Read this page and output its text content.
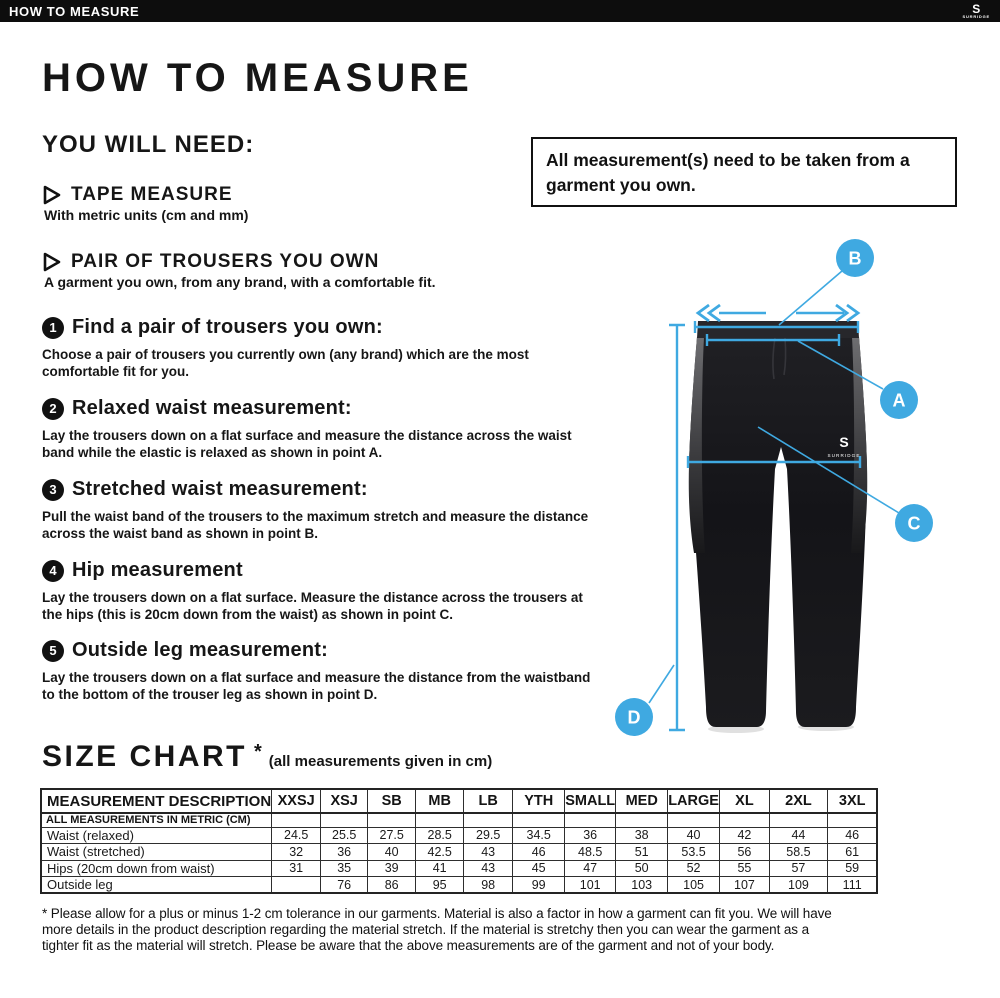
HOW TO MEASURE	S
SURRIDGE
HOW TO MEASURE
YOU WILL NEED:
TAPE MEASURE
With metric units (cm and mm)
PAIR OF TROUSERS YOU OWN
A garment you own, from any brand, with a comfortable fit.
All measurement(s) need to be taken from a garment you own.
1 Find a pair of trousers you own:
Choose a pair of trousers you currently own (any brand) which are the most comfortable fit for you.
2 Relaxed waist measurement:
Lay the trousers down on a flat surface and measure the distance across the waist band while the elastic is relaxed as shown in point A.
3 Stretched waist measurement:
Pull the waist band of the trousers to the maximum stretch and measure the distance across the waist band as shown in point B.
4 Hip measurement
Lay the trousers down on a flat surface. Measure the distance across the trousers at the hips (this is 20cm down from the waist) as shown in point C.
5 Outside leg measurement:
Lay the trousers down on a flat surface and measure the distance from the waistband to the bottom of the trouser leg as shown in point D.
S
SURRIDGE
B
A
C
D
SIZE CHART * (all measurements given in cm)
MEASUREMENT DESCRIPTION	XXSJ	XSJ	SB	MB	LB	YTH	SMALL	MED	LARGE	XL	2XL	3XL
ALL MEASUREMENTS IN METRIC (CM)												
Waist (relaxed)	24.5	25.5	27.5	28.5	29.5	34.5	36	38	40	42	44	46
Waist (stretched)	32	36	40	42.5	43	46	48.5	51	53.5	56	58.5	61
Hips (20cm down from waist)	31	35	39	41	43	45	47	50	52	55	57	59
Outside leg		76	86	95	98	99	101	103	105	107	109	111
* Please allow for a plus or minus 1-2 cm tolerance in our garments. Material is also a factor in how a garment can fit you. We will have
more details in the product description regarding the material stretch. If the material is stretchy then you can wear the garment as a
tighter fit as the material will stretch. Please be aware that the above measurements are of the garment and not of your body.
